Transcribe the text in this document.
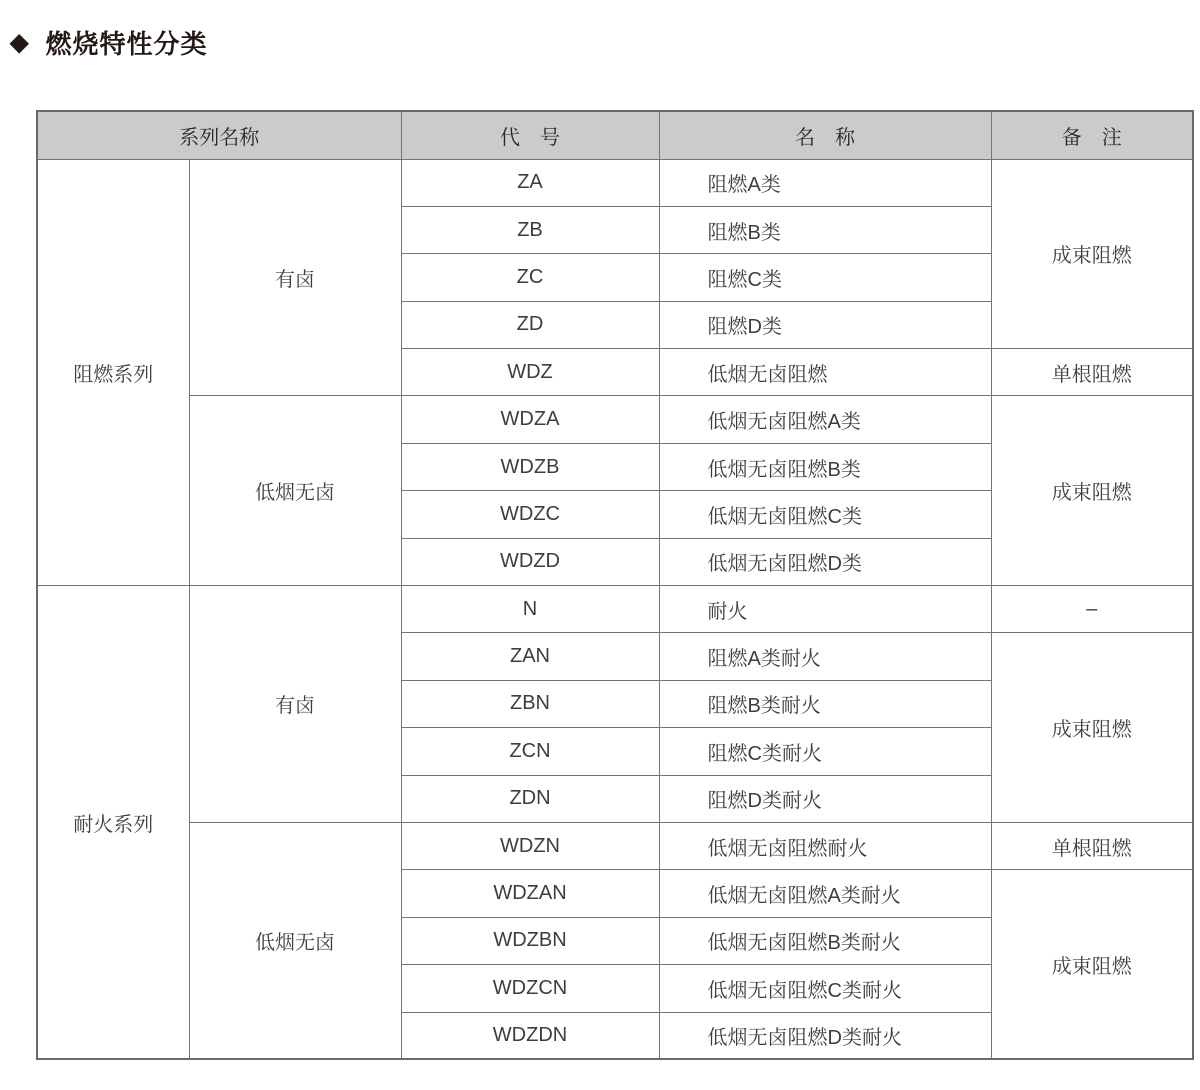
◆ 燃烧特性分类
系列名称		代　号	名　称	备　注
阻燃系列	有卤	ZA	阻燃A类	成束阻燃
		ZB	阻燃B类	
		ZC	阻燃C类	
		ZD	阻燃D类	
		WDZ	低烟无卤阻燃	单根阻燃
	低烟无卤	WDZA	低烟无卤阻燃A类	成束阻燃
		WDZB	低烟无卤阻燃B类	
		WDZC	低烟无卤阻燃C类	
		WDZD	低烟无卤阻燃D类	
耐火系列	有卤	N	耐火	–
		ZAN	阻燃A类耐火	成束阻燃
		ZBN	阻燃B类耐火	
		ZCN	阻燃C类耐火	
		ZDN	阻燃D类耐火	
	低烟无卤	WDZN	低烟无卤阻燃耐火	单根阻燃
		WDZAN	低烟无卤阻燃A类耐火	成束阻燃
		WDZBN	低烟无卤阻燃B类耐火	
		WDZCN	低烟无卤阻燃C类耐火	
		WDZDN	低烟无卤阻燃D类耐火	
